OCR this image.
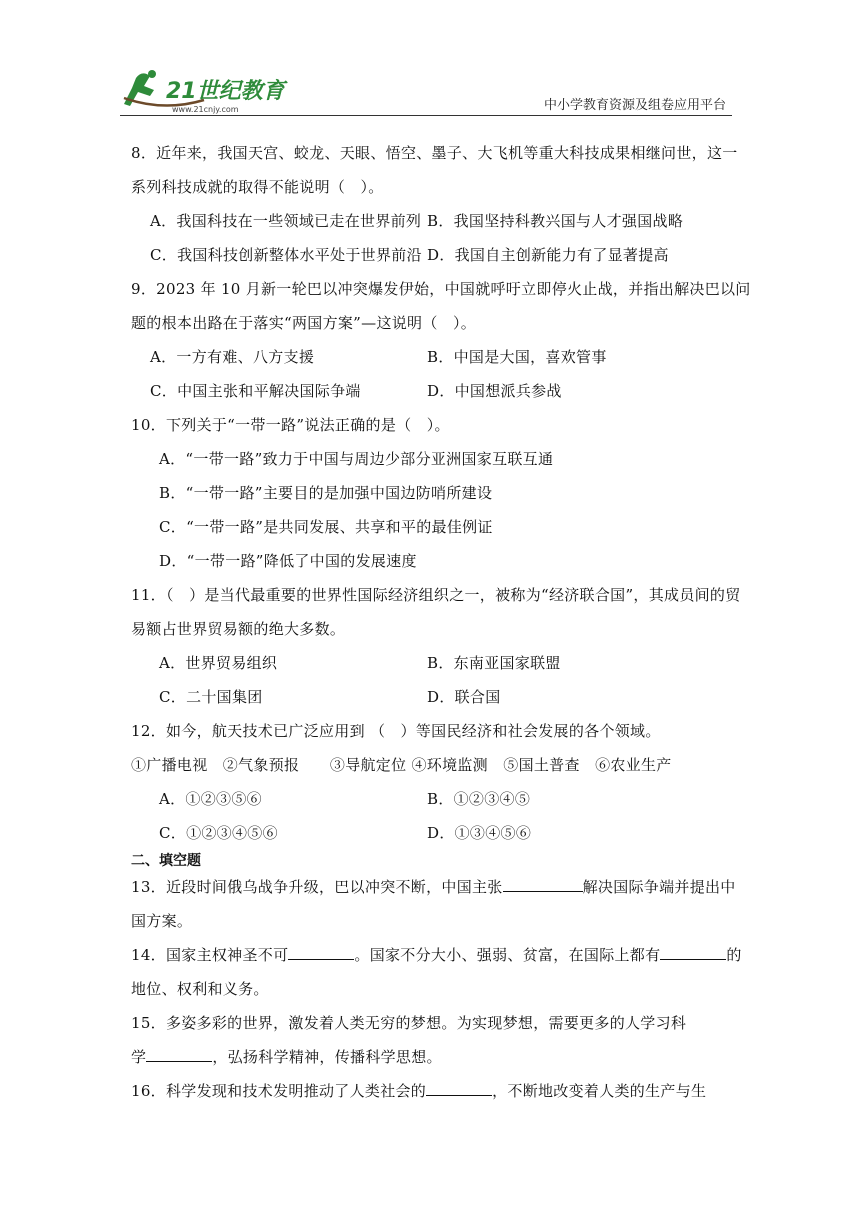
21世纪教育
www.21cnjy.com	中小学教育资源及组卷应用平台
8．近年来，我国天宫、蛟龙、天眼、悟空、墨子、大飞机等重大科技成果相继问世，这一
系列科技成就的取得不能说明（　）。
A．我国科技在一些领域已走在世界前列 B．我国坚持科教兴国与人才强国战略
C．我国科技创新整体水平处于世界前沿 D．我国自主创新能力有了显著提高
9．2023 年 10 月新一轮巴以冲突爆发伊始，中国就呼吁立即停火止战，并指出解决巴以问
题的根本出路在于落实“两国方案”—这说明（　）。
A．一方有难、八方支援	B．中国是大国，喜欢管事
C．中国主张和平解决国际争端	D．中国想派兵参战
10．下列关于“一带一路”说法正确的是（　）。
A．“一带一路”致力于中国与周边少部分亚洲国家互联互通
B．“一带一路”主要目的是加强中国边防哨所建设
C．“一带一路”是共同发展、共享和平的最佳例证
D．“一带一路”降低了中国的发展速度
11．（　）是当代最重要的世界性国际经济组织之一，被称为“经济联合国”，其成员间的贸
易额占世界贸易额的绝大多数。
A．世界贸易组织	B．东南亚国家联盟
C．二十国集团	D．联合国
12．如今，航天技术已广泛应用到 （　）等国民经济和社会发展的各个领域。
①广播电视　②气象预报　　③导航定位 ④环境监测　⑤国土普查　⑥农业生产
A．①②③⑤⑥	B．①②③④⑤
C．①②③④⑤⑥	D．①③④⑤⑥
二、填空题
13．近段时间俄乌战争升级，巴以冲突不断，中国主张	解决国际争端并提出中
国方案。
14．国家主权神圣不可	。国家不分大小、强弱、贫富，在国际上都有	的
地位、权利和义务。
15．多姿多彩的世界，激发着人类无穷的梦想。为实现梦想，需要更多的人学习科
学	，弘扬科学精神，传播科学思想。
16．科学发现和技术发明推动了人类社会的	，不断地改变着人类的生产与生
